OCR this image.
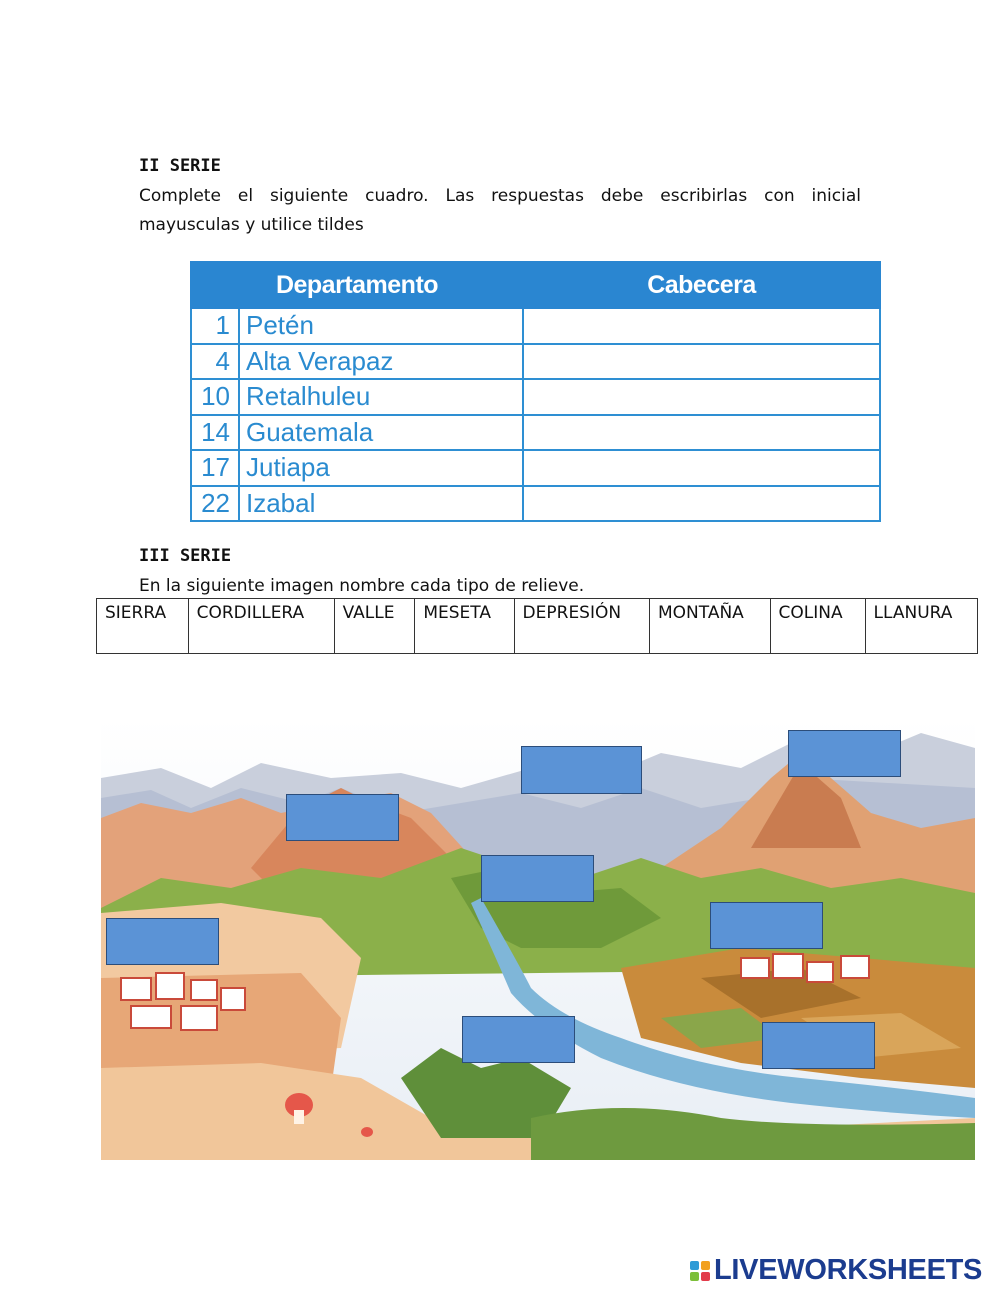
II SERIE
Complete el siguiente cuadro. Las respuestas debe escribirlas con inicial mayusculas y utilice tildes
Departamento		Cabecera
1	Petén	
4	Alta Verapaz	
10	Retalhuleu	
14	Guatemala	
17	Jutiapa	
22	Izabal	
III SERIE
En la siguiente imagen nombre cada tipo de relieve.
SIERRA	CORDILLERA	VALLE	MESETA	DEPRESIÓN	MONTAÑA	COLINA	LLANURA
LIVEWORKSHEETS
